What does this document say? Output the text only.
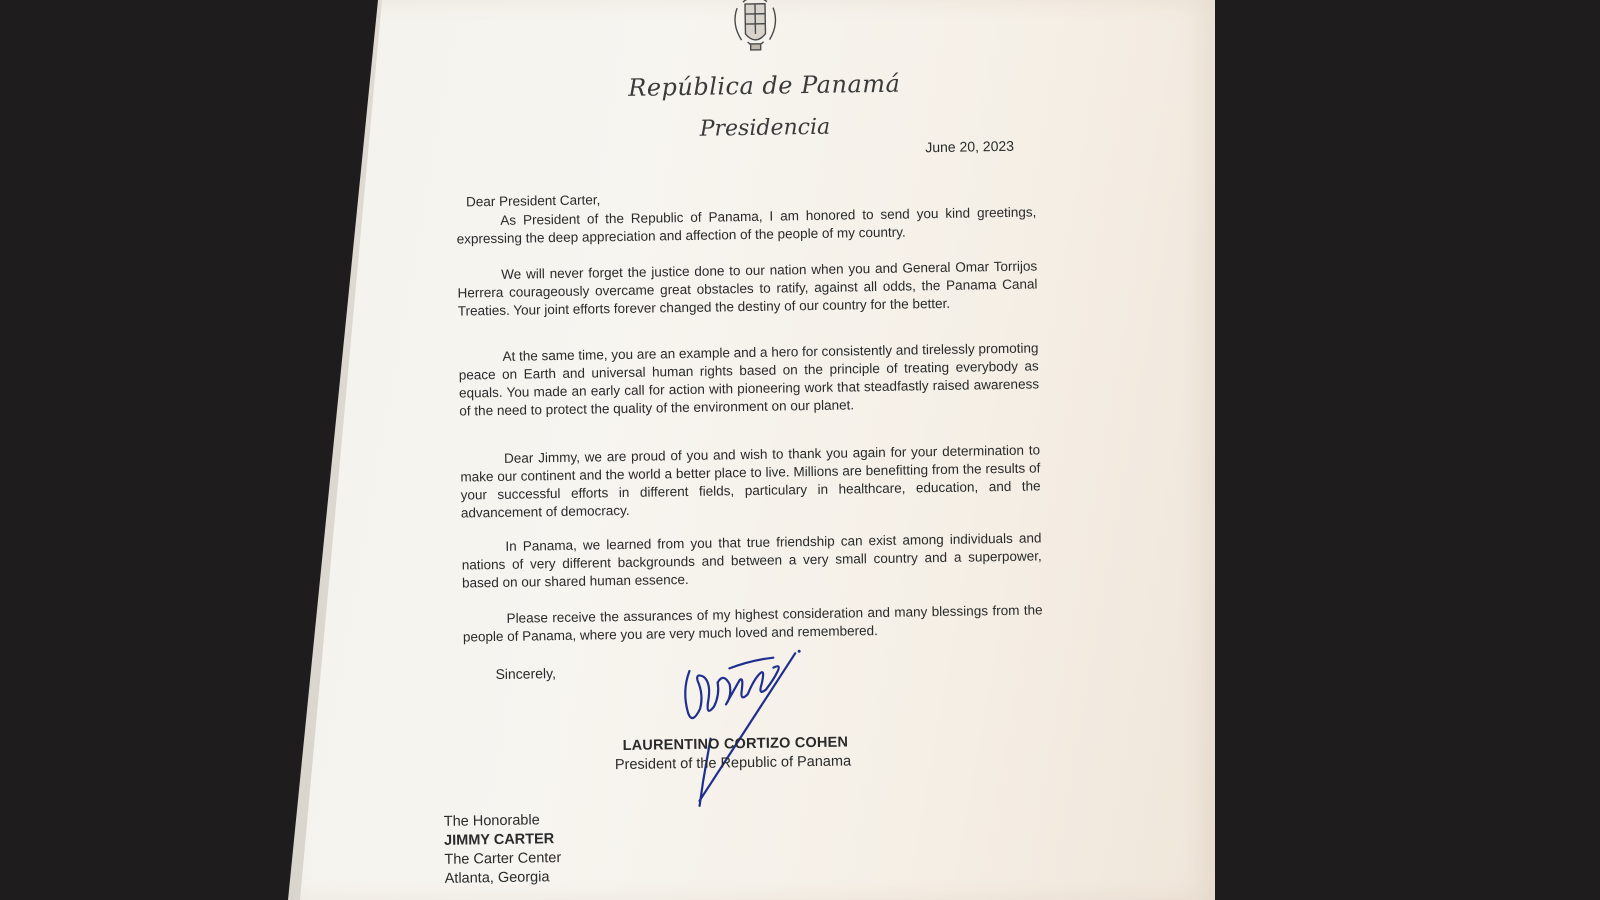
República de Panamá
Presidencia
June 20, 2023
Dear President Carter,

As President of the Republic of Panama, I am honored to send you kind greetings, expressing the deep appreciation and affection of the people of my country.

We will never forget the justice done to our nation when you and General Omar Torrijos Herrera courageously overcame great obstacles to ratify, against all odds, the Panama Canal Treaties. Your joint efforts forever changed the destiny of our country for the better.

At the same time, you are an example and a hero for consistently and tirelessly promoting peace on Earth and universal human rights based on the principle of treating everybody as equals. You made an early call for action with pioneering work that steadfastly raised awareness of the need to protect the quality of the environment on our planet.

Dear Jimmy, we are proud of you and wish to thank you again for your determination to make our continent and the world a better place to live. Millions are benefitting from the results of your successful efforts in different fields, particulary in healthcare, education, and the advancement of democracy.

In Panama, we learned from you that true friendship can exist among individuals and nations of very different backgrounds and between a very small country and a superpower, based on our shared human essence.

Please receive the assurances of my highest consideration and many blessings from the people of Panama, where you are very much loved and remembered.

Sincerely,
LAURENTINO CORTIZO COHEN
President of the Republic of Panama
The Honorable
JIMMY CARTER
The Carter Center
Atlanta, Georgia
